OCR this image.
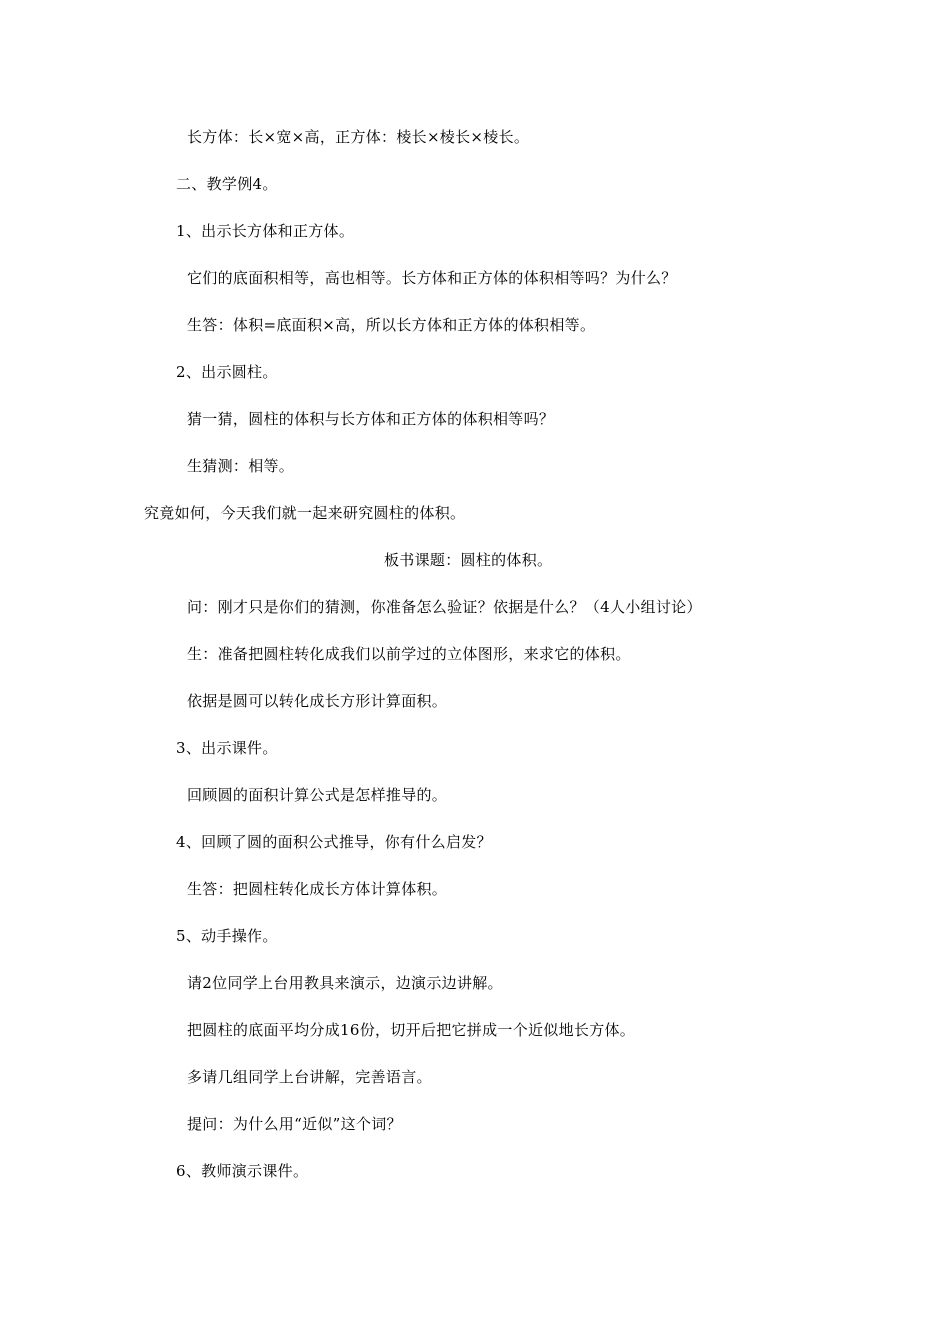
长方体：长×宽×高，正方体：棱长×棱长×棱长。
二、教学例4。
1、出示长方体和正方体。
它们的底面积相等，高也相等。长方体和正方体的体积相等吗？为什么？
生答：体积=底面积×高，所以长方体和正方体的体积相等。
2、出示圆柱。
猜一猜，圆柱的体积与长方体和正方体的体积相等吗？
生猜测：相等。
究竟如何，今天我们就一起来研究圆柱的体积。
板书课题：圆柱的体积。
问：刚才只是你们的猜测，你准备怎么验证？依据是什么？（4人小组讨论）
生：准备把圆柱转化成我们以前学过的立体图形，来求它的体积。
依据是圆可以转化成长方形计算面积。
3、出示课件。
回顾圆的面积计算公式是怎样推导的。
4、回顾了圆的面积公式推导，你有什么启发？
生答：把圆柱转化成长方体计算体积。
5、动手操作。
请2位同学上台用教具来演示，边演示边讲解。
把圆柱的底面平均分成16份，切开后把它拼成一个近似地长方体。
多请几组同学上台讲解，完善语言。
提问：为什么用“近似”这个词？
6、教师演示课件。
